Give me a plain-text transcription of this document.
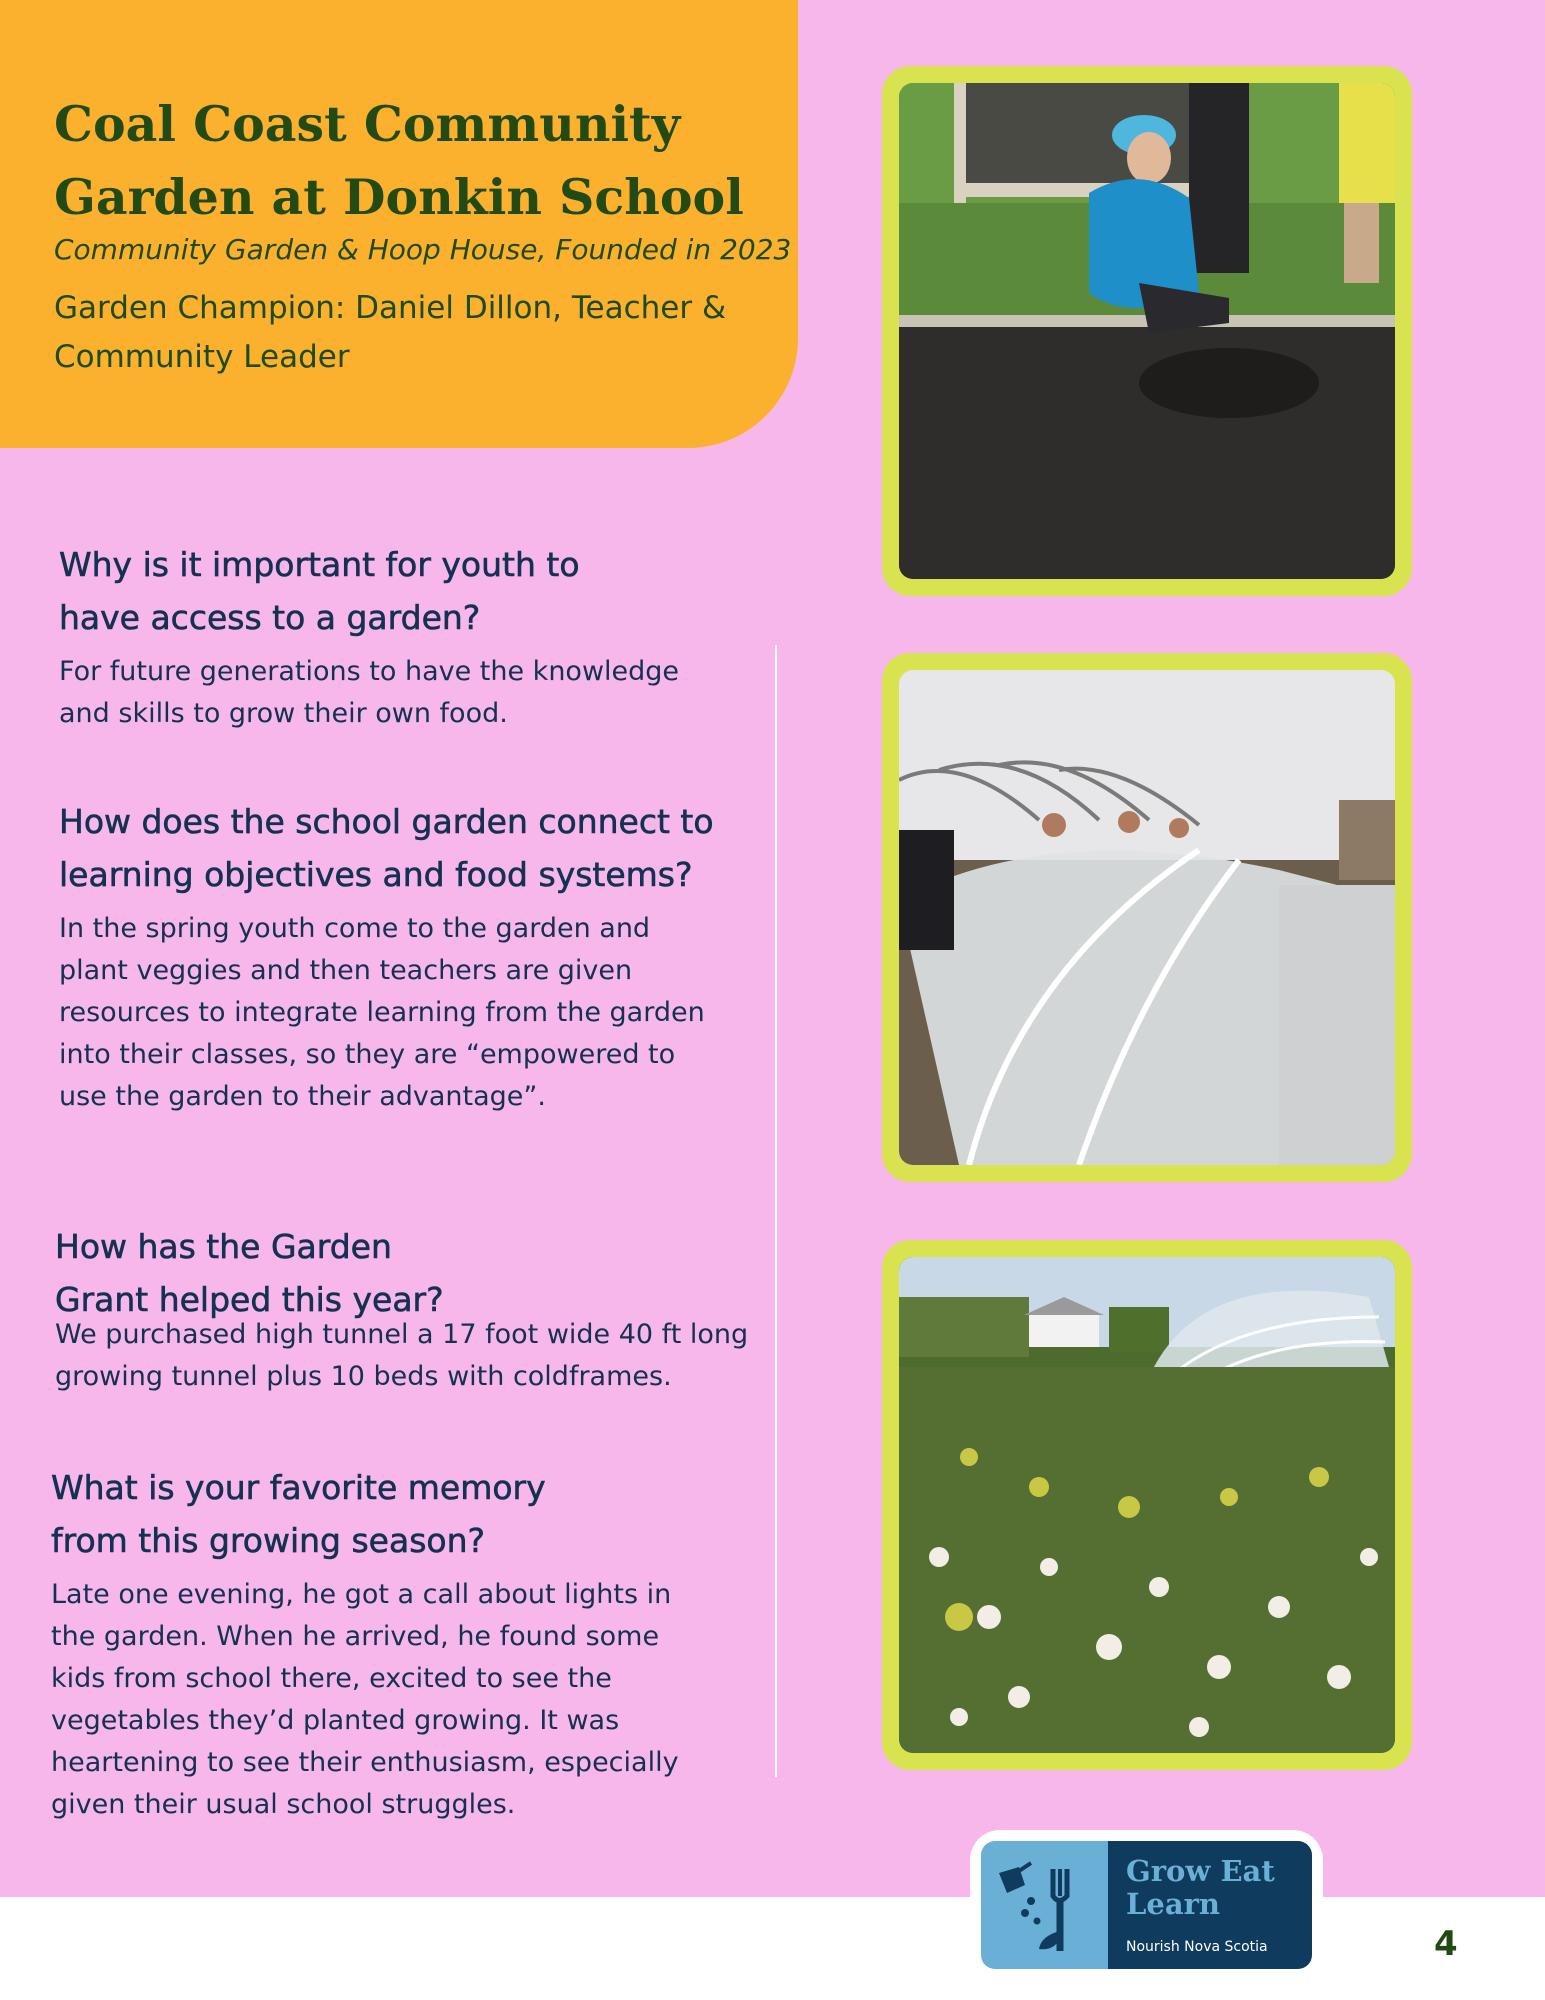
Coal Coast Community Garden at Donkin School

Community Garden & Hoop House, Founded in 2023

Garden Champion: Daniel Dillon, Teacher & Community Leader

Why is it important for youth to have access to a garden?

For future generations to have the knowledge and skills to grow their own food.

How does the school garden connect to learning objectives and food systems?

In the spring youth come to the garden and plant veggies and then teachers are given resources to integrate learning from the garden into their classes, so they are “empowered to use the garden to their advantage”.

How has the Garden Grant helped this year?

We purchased high tunnel a 17 foot wide 40 ft long growing tunnel plus 10 beds with coldframes.

What is your favorite memory from this growing season?

Late one evening, he got a call about lights in the garden. When he arrived, he found some kids from school there, excited to see the vegetables they’d planted growing. It was heartening to see their enthusiasm, especially given their usual school struggles.

Grow Eat Learn

Nourish Nova Scotia	4
